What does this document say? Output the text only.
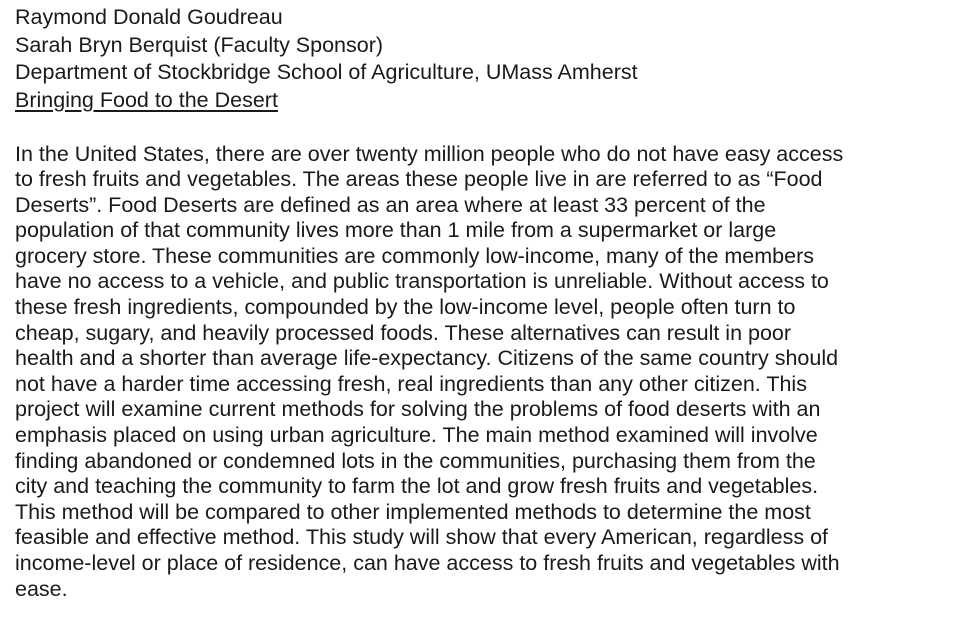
Raymond Donald Goudreau
Sarah Bryn Berquist (Faculty Sponsor)
Department of Stockbridge School of Agriculture, UMass Amherst
Bringing Food to the Desert
In the United States, there are over twenty million people who do not have easy access
to fresh fruits and vegetables. The areas these people live in are referred to as “Food
Deserts”. Food Deserts are defined as an area where at least 33 percent of the
population of that community lives more than 1 mile from a supermarket or large
grocery store. These communities are commonly low-income, many of the members
have no access to a vehicle, and public transportation is unreliable. Without access to
these fresh ingredients, compounded by the low-income level, people often turn to
cheap, sugary, and heavily processed foods. These alternatives can result in poor
health and a shorter than average life-expectancy. Citizens of the same country should
not have a harder time accessing fresh, real ingredients than any other citizen. This
project will examine current methods for solving the problems of food deserts with an
emphasis placed on using urban agriculture. The main method examined will involve
finding abandoned or condemned lots in the communities, purchasing them from the
city and teaching the community to farm the lot and grow fresh fruits and vegetables.
This method will be compared to other implemented methods to determine the most
feasible and effective method. This study will show that every American, regardless of
income-level or place of residence, can have access to fresh fruits and vegetables with
ease.
